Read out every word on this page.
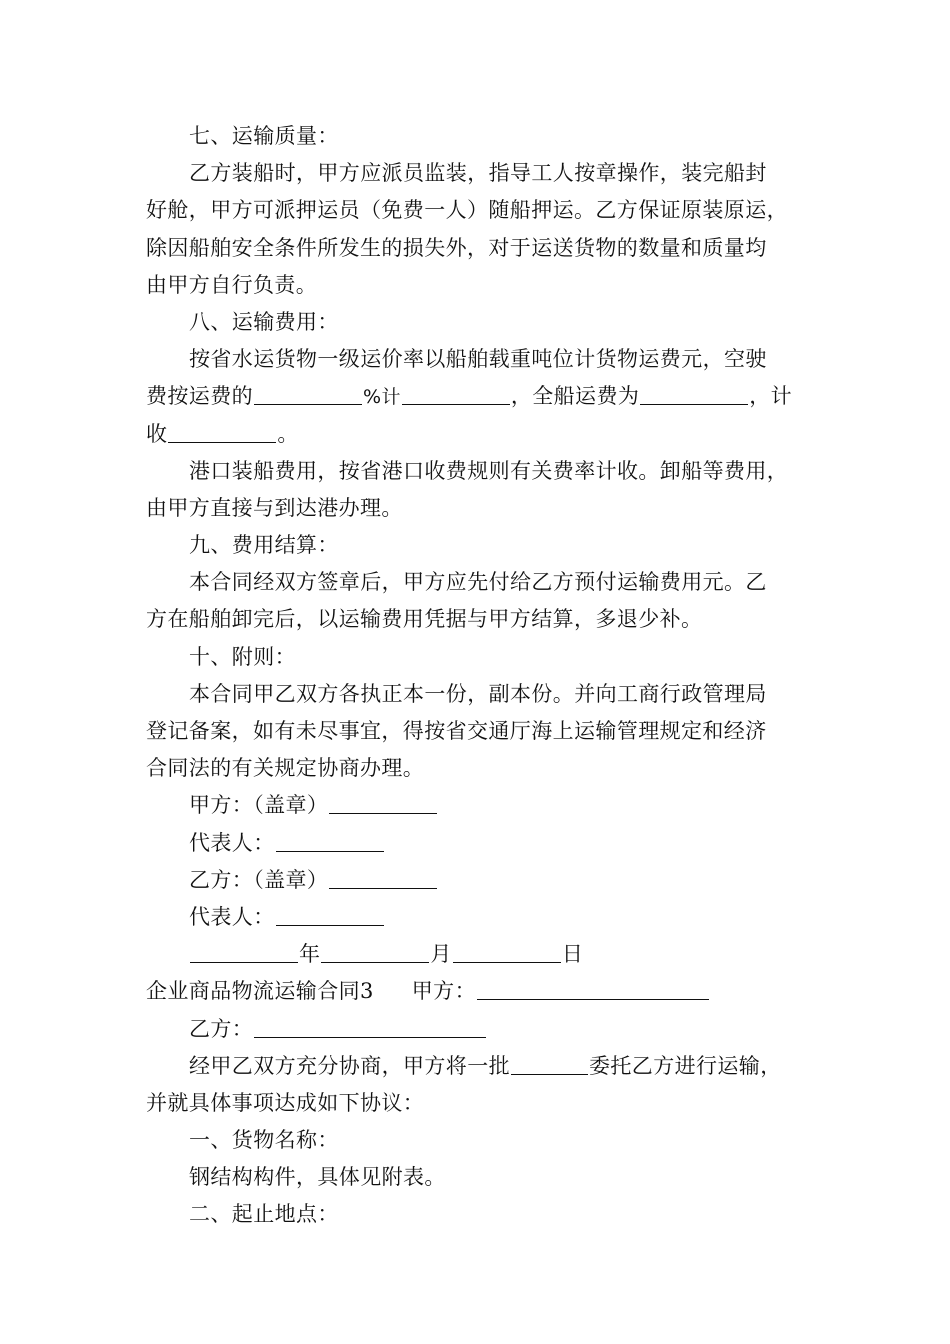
七、运输质量：
乙方装船时，甲方应派员监装，指导工人按章操作，装完船封
好舱，甲方可派押运员（免费一人）随船押运。乙方保证原装原运，
除因船舶安全条件所发生的损失外，对于运送货物的数量和质量均
由甲方自行负责。
八、运输费用：
按省水运货物一级运价率以船舶载重吨位计货物运费元，空驶
费按运费的	%计	，全船运费为	，计
收	。
港口装船费用，按省港口收费规则有关费率计收。卸船等费用，
由甲方直接与到达港办理。
九、费用结算：
本合同经双方签章后，甲方应先付给乙方预付运输费用元。乙
方在船舶卸完后，以运输费用凭据与甲方结算，多退少补。
十、附则：
本合同甲乙双方各执正本一份，副本份。并向工商行政管理局
登记备案，如有未尽事宜，得按省交通厅海上运输管理规定和经济
合同法的有关规定协商办理。
甲方：（盖章）
代表人：
乙方：（盖章）
代表人：
年	月	日
企业商品物流运输合同3 甲方：
乙方：
经甲乙双方充分协商，甲方将一批	委托乙方进行运输，
并就具体事项达成如下协议：
一、货物名称：
钢结构构件，具体见附表。
二、起止地点：
